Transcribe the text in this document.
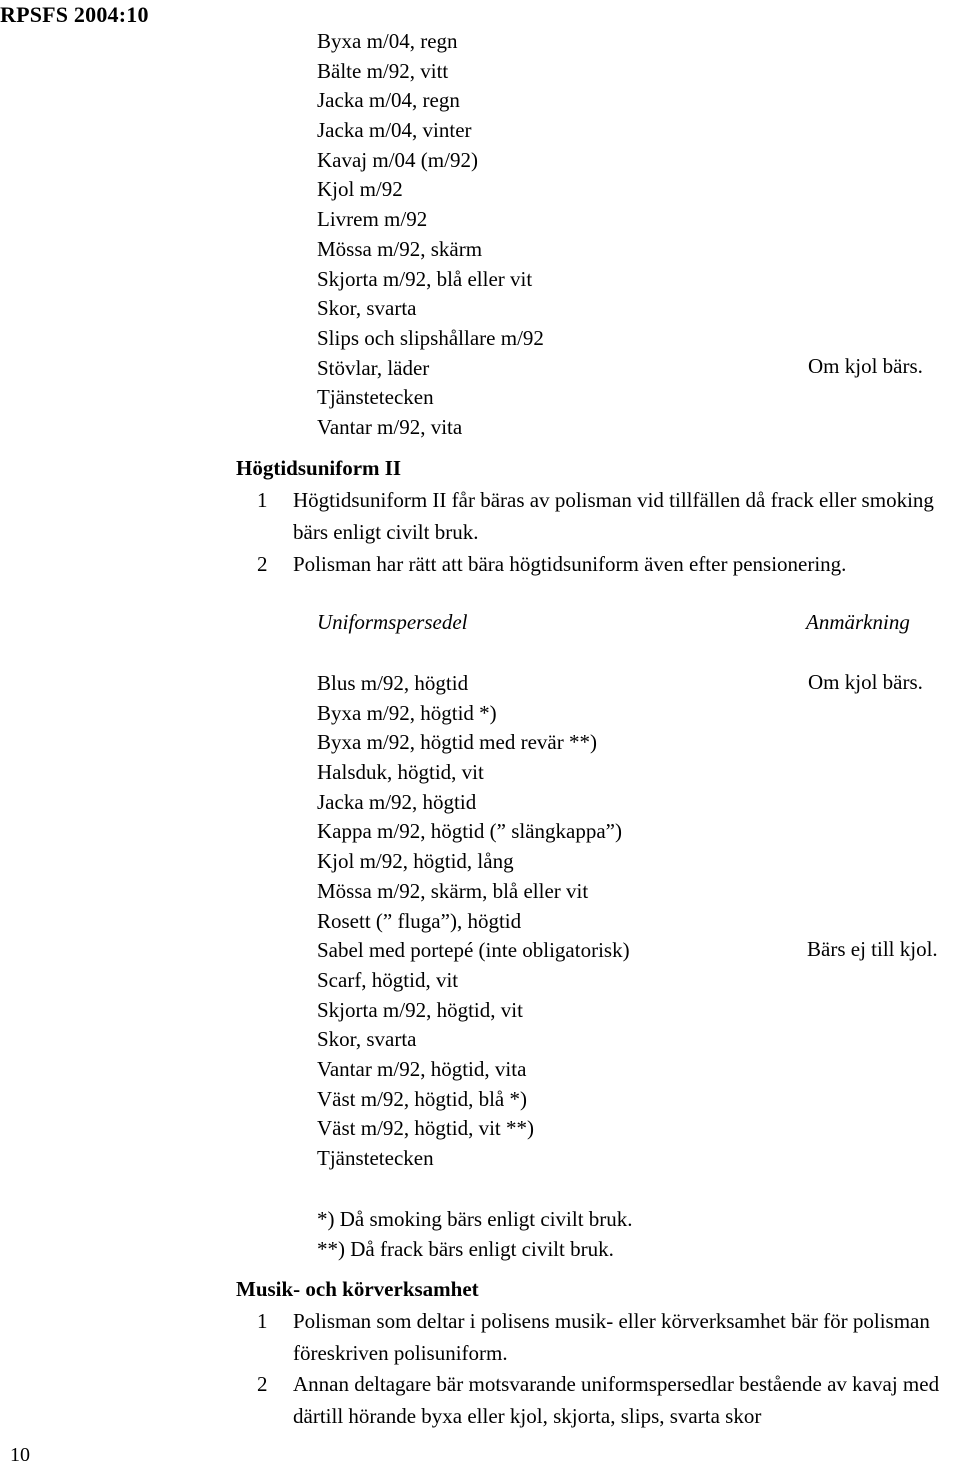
RPSFS 2004:10
Byxa m/04, regn
Bälte m/92, vitt
Jacka m/04, regn
Jacka m/04, vinter
Kavaj m/04 (m/92)
Kjol m/92
Livrem m/92
Mössa m/92, skärm
Skjorta m/92, blå eller vit
Skor, svarta
Slips och slipshållare m/92
Stövlar, läder
Tjänstetecken
Vantar m/92, vita
Om kjol bärs.
Högtidsuniform II
1 Högtidsuniform II får bäras av polisman vid tillfällen då frack eller smoking bärs enligt civilt bruk.
2 Polisman har rätt att bära högtidsuniform även efter pensionering.
Uniformspersedel	Anmärkning
Blus m/92, högtid
Byxa m/92, högtid *)
Byxa m/92, högtid med revär **)
Halsduk, högtid, vit
Jacka m/92, högtid
Kappa m/92, högtid (” slängkappa”)
Kjol m/92, högtid, lång
Mössa m/92, skärm, blå eller vit
Rosett (” fluga”), högtid
Sabel med portepé (inte obligatorisk)
Scarf, högtid, vit
Skjorta m/92, högtid, vit
Skor, svarta
Vantar m/92, högtid, vita
Väst m/92, högtid, blå *)
Väst m/92, högtid, vit **)
Tjänstetecken
Om kjol bärs.
Bärs ej till kjol.
*) Då smoking bärs enligt civilt bruk.
**) Då frack bärs enligt civilt bruk.
Musik- och körverksamhet
1 Polisman som deltar i polisens musik- eller körverksamhet bär för polisman föreskriven polisuniform.
2 Annan deltagare bär motsvarande uniformspersedlar bestående av kavaj med därtill hörande byxa eller kjol, skjorta, slips, svarta skor
10
